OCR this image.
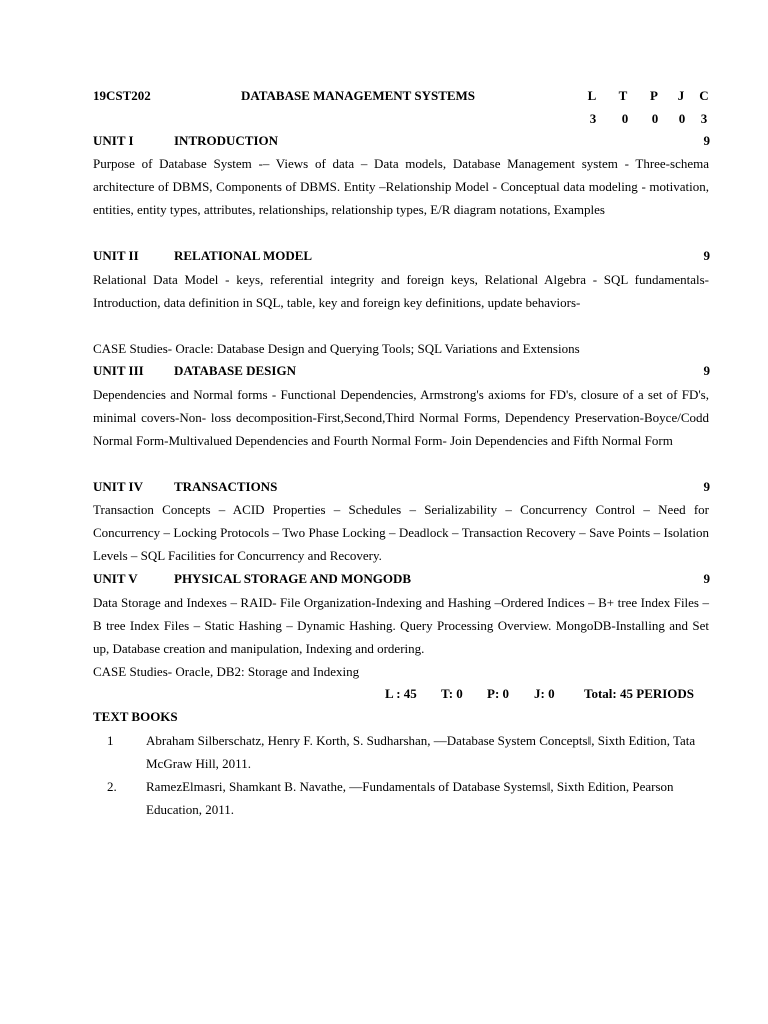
19CST202	DATABASE MANAGEMENT SYSTEMS	L T P J C
3 0 0 0 3
UNIT I	INTRODUCTION	9
Purpose of Database System -– Views of data – Data models, Database Management system - Three-schema architecture of DBMS, Components of DBMS. Entity –Relationship Model - Conceptual data modeling - motivation, entities, entity types, attributes, relationships, relationship types, E/R diagram notations, Examples
UNIT II	RELATIONAL MODEL	9
Relational Data Model - keys, referential integrity and foreign keys, Relational Algebra - SQL fundamentals- Introduction, data definition in SQL, table, key and foreign key definitions, update behaviors-
CASE Studies- Oracle: Database Design and Querying Tools; SQL Variations and Extensions
UNIT III DATABASE DESIGN	9
Dependencies and Normal forms - Functional Dependencies, Armstrong's axioms for FD's, closure of a set of FD's, minimal covers-Non- loss decomposition-First,Second,Third Normal Forms, Dependency Preservation-Boyce/Codd Normal Form-Multivalued Dependencies and Fourth Normal Form- Join Dependencies and Fifth Normal Form
UNIT IV TRANSACTIONS	9
Transaction Concepts – ACID Properties – Schedules – Serializability – Concurrency Control – Need for Concurrency – Locking Protocols – Two Phase Locking – Deadlock – Transaction Recovery – Save Points – Isolation Levels – SQL Facilities for Concurrency and Recovery.
UNIT V	PHYSICAL STORAGE AND MONGODB	9
Data Storage and Indexes – RAID- File Organization-Indexing and Hashing –Ordered Indices – B+ tree Index Files – B tree Index Files – Static Hashing – Dynamic Hashing. Query Processing Overview. MongoDB-Installing and Set up, Database creation and manipulation, Indexing and ordering.
CASE Studies- Oracle, DB2: Storage and Indexing
L : 45 T: 0 P: 0 J: 0 Total: 45 PERIODS
TEXT BOOKS
1	Abraham Silberschatz, Henry F. Korth, S. Sudharshan, ―Database System Concepts‖, Sixth Edition, Tata McGraw Hill, 2011.
2. RamezElmasri, Shamkant B. Navathe, ―Fundamentals of Database Systems‖, Sixth Edition, Pearson Education, 2011.
